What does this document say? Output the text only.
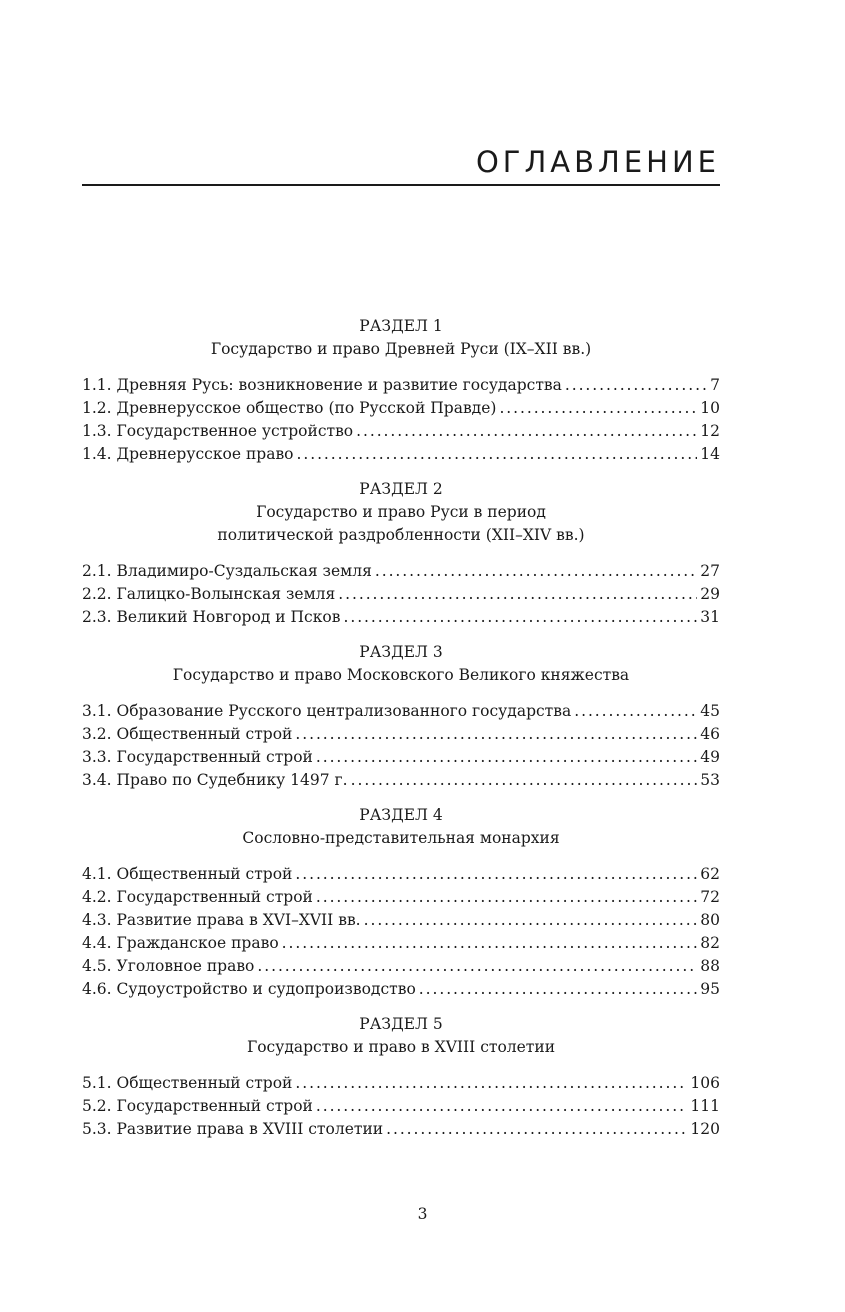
ОГЛАВЛЕНИЕ
РАЗДЕЛ 1
Государство и право Древней Руси (IX–XII вв.)
1.1. Древняя Русь: возникновение и развитие государства . . .	7
1.2. Древнерусское общество (по Русской Правде) . . .	10
1.3. Государственное устройство . . .	12
1.4. Древнерусское право . . .	14
РАЗДЕЛ 2
Государство и право Руси в период
политической раздробленности (XII–XIV вв.)
2.1. Владимиро-Суздальская земля . . .	27
2.2. Галицко-Волынская земля . . .	29
2.3. Великий Новгород и Псков . . .	31
РАЗДЕЛ 3
Государство и право Московского Великого княжества
3.1. Образование Русского централизованного государства . . .	45
3.2. Общественный строй . . .	46
3.3. Государственный строй . . .	49
3.4. Право по Судебнику 1497 г. . . .	53
РАЗДЕЛ 4
Сословно-представительная монархия
4.1. Общественный строй . . .	62
4.2. Государственный строй . . .	72
4.3. Развитие права в XVI–XVII вв. . . .	80
4.4. Гражданское право . . .	82
4.5. Уголовное право . . .	88
4.6. Судоустройство и судопроизводство . . .	95
РАЗДЕЛ 5
Государство и право в XVIII столетии
5.1. Общественный строй . . .	106
5.2. Государственный строй . . .	111
5.3. Развитие права в XVIII столетии . . .	120
3
